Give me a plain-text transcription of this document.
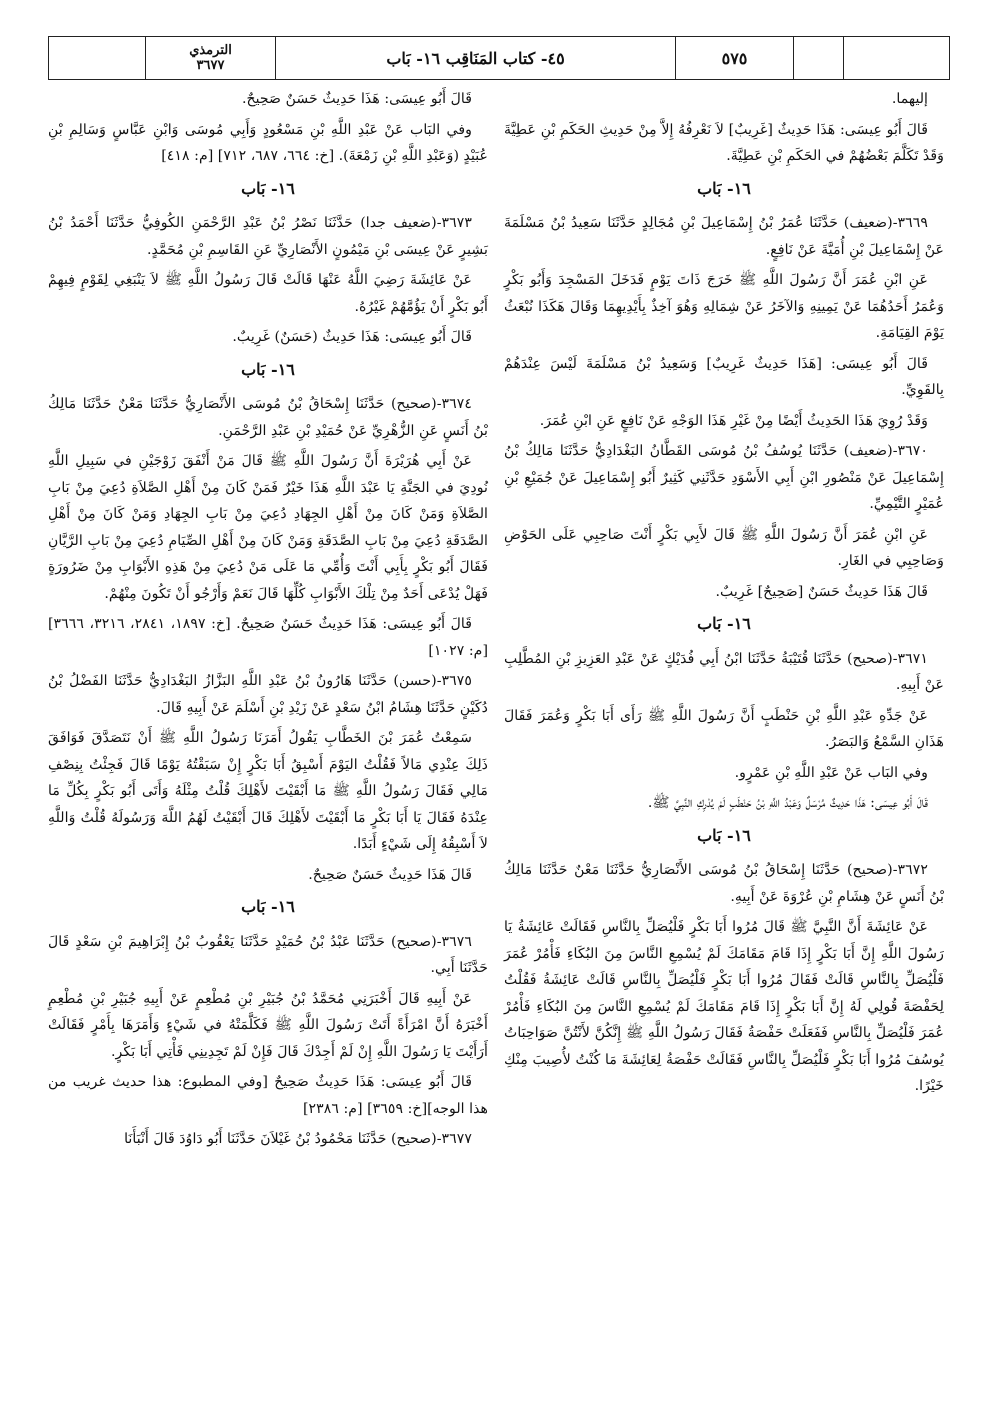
٥٧٥
٤٥- كتاب المَنَاقِب ١٦- بَاب
الترمذي
٣٦٧٧

إليهما.

قَالَ أَبُو عِيسَى: هَذَا حَدِيثٌ [غَرِيبٌ] لاَ نَعْرِفُهُ إِلاَّ مِنْ حَدِيثِ الحَكَمِ بْنِ عَطِيَّةَ وَقَدْ تَكَلَّمَ بَعْضُهُمْ في الحَكَمِ بْنِ عَطِيَّةَ.

١٦- بَاب

٣٦٦٩-(ضعيف) حَدَّثَنَا عُمَرُ بْنُ إِسْمَاعِيلَ بْنِ مُجَالِدٍ حَدَّثَنَا سَعِيدُ بْنُ مَسْلَمَةَ عَنْ إِسْمَاعِيلَ بْنِ أُمَيَّةَ عَنْ نَافِعٍ.

عَنِ ابْنِ عُمَرَ أَنَّ رَسُولَ اللَّهِ ﷺ خَرَجَ ذَاتَ يَوْمٍ فَدَخَلَ المَسْجِدَ وَأَبُو بَكْرٍ وَعُمَرُ أَحَدُهُمَا عَنْ يَمِينِهِ وَالآخَرُ عَنْ شِمَالِهِ وَهُوَ آخِذٌ بِأَيْدِيهِمَا وَقَالَ هَكَذَا نُبْعَثُ يَوْمَ القِيَامَةِ.

قَالَ أَبُو عِيسَى: [هَذَا حَدِيثٌ غَرِيبٌ] وَسَعِيدُ بْنُ مَسْلَمَةَ لَيْسَ عِنْدَهُمْ بِالقَوِيِّ.

وَقَدْ رُوِيَ هَذَا الحَدِيثُ أَيْضًا مِنْ غَيْرِ هَذَا الوَجْهِ عَنْ نَافِعٍ عَنِ ابْنِ عُمَرَ.

٣٦٧٠-(ضعيف) حَدَّثَنَا يُوسُفُ بْنُ مُوسَى القَطَّانُ البَغْدَادِيُّ حَدَّثَنَا مَالِكُ بْنُ إِسْمَاعِيلَ عَنْ مَنْصُورِ ابْنِ أَبِي الأَسْوَدِ حَدَّثَنِي كَثِيرٌ أَبُو إِسْمَاعِيلَ عَنْ جُمَيْعِ بْنِ عُمَيْرٍ التَّيْمِيِّ.

عَنِ ابْنِ عُمَرَ أَنَّ رَسُولَ اللَّهِ ﷺ قَالَ لأَبِي بَكْرٍ أَنْتَ صَاحِبِي عَلَى الحَوْضِ وَصَاحِبِي في الغَارِ.

قَالَ هَذَا حَدِيثٌ حَسَنٌ [صَحِيحٌ] غَرِيبٌ.

١٦- بَاب

٣٦٧١-(صحيح) حَدَّثَنَا قُتَيْبَةُ حَدَّثَنَا ابْنُ أَبِي فُدَيْكٍ عَنْ عَبْدِ العَزِيزِ بْنِ المُطَّلِبِ عَنْ أَبِيهِ.

عَنْ جَدِّهِ عَبْدِ اللَّهِ بْنِ حَنْطَبٍ أَنَّ رَسُولَ اللَّهِ ﷺ رَأَى أَبَا بَكْرٍ وَعُمَرَ فَقَالَ هَذَانِ السَّمْعُ وَالبَصَرُ.

وفي البَاب عَنْ عَبْدِ اللَّهِ بْنِ عَمْرٍو.

قَالَ أَبُو عِيسَى: هَذَا حَدِيثٌ مُرْسَلٌ وَعَبْدُ اللَّهِ بْنُ حَنْطَبٍ لَمْ يُدْرِكِ النَّبِيَّ ﷺ.

١٦- بَاب

٣٦٧٢-(صحيح) حَدَّثَنَا إِسْحَاقُ بْنُ مُوسَى الأَنْصَارِيُّ حَدَّثَنَا مَعْنٌ حَدَّثَنَا مَالِكُ بْنُ أَنَسٍ عَنْ هِشَامِ بْنِ عُرْوَةَ عَنْ أَبِيهِ.

عَنْ عَائِشَةَ أَنَّ النَّبِيَّ ﷺ قَالَ مُرُوا أَبَا بَكْرٍ فَلْيُصَلِّ بِالنَّاسِ فَقَالَتْ عَائِشَةُ يَا رَسُولَ اللَّهِ إِنَّ أَبَا بَكْرٍ إِذَا قَامَ مَقَامَكَ لَمْ يُسْمِعِ النَّاسَ مِنَ البُكَاءِ فَأْمُرْ عُمَرَ فَلْيُصَلِّ بِالنَّاسِ قَالَتْ فَقَالَ مُرُوا أَبَا بَكْرٍ فَلْيُصَلِّ بِالنَّاسِ قَالَتْ عَائِشَةُ فَقُلْتُ لِحَفْصَةَ قُولِي لَهُ إِنَّ أَبَا بَكْرٍ إِذَا قَامَ مَقَامَكَ لَمْ يُسْمِعِ النَّاسَ مِنَ البُكَاءِ فَأْمُرْ عُمَرَ فَلْيُصَلِّ بِالنَّاسِ فَفَعَلَتْ حَفْصَةُ فَقَالَ رَسُولُ اللَّهِ ﷺ إِنَّكُنَّ لأَنْتُنَّ صَوَاحِبَاتُ يُوسُفَ مُرُوا أَبَا بَكْرٍ فَلْيُصَلِّ بِالنَّاسِ فَقَالَتْ حَفْصَةُ لِعَائِشَةَ مَا كُنْتُ لأُصِيبَ مِنْكِ خَيْرًا.

قَالَ أَبُو عِيسَى: هَذَا حَدِيثٌ حَسَنٌ صَحِيحٌ.

وفي البَاب عَنْ عَبْدِ اللَّهِ بْنِ مَسْعُودٍ وَأَبِي مُوسَى وَابْنِ عَبَّاسٍ وَسَالِمِ بْنِ عُبَيْدٍ (وَعَبْدِ اللَّهِ بْنِ زَمْعَةَ). [خ: ٦٦٤، ٦٨٧، ٧١٢] [م: ٤١٨]

١٦- بَاب

٣٦٧٣-(ضعيف جدا) حَدَّثَنَا نَصْرُ بْنُ عَبْدِ الرَّحْمَنِ الكُوفِيُّ حَدَّثَنَا أَحْمَدُ بْنُ بَشِيرٍ عَنْ عِيسَى بْنِ مَيْمُونٍ الأَنْصَارِيِّ عَنِ القَاسِمِ بْنِ مُحَمَّدٍ.

عَنْ عَائِشَةَ رَضِيَ اللَّهُ عَنْهَا قَالَتْ قَالَ رَسُولُ اللَّهِ ﷺ لاَ يَنْبَغِي لِقَوْمٍ فِيهِمْ أَبُو بَكْرٍ أَنْ يَؤُمَّهُمْ غَيْرُهُ.

قَالَ أَبُو عِيسَى: هَذَا حَدِيثٌ (حَسَنٌ) غَرِيبٌ.

١٦- بَاب

٣٦٧٤-(صحيح) حَدَّثَنَا إِسْحَاقُ بْنُ مُوسَى الأَنْصَارِيُّ حَدَّثَنَا مَعْنٌ حَدَّثَنَا مَالِكُ بْنُ أَنَسٍ عَنِ الزُّهْرِيِّ عَنْ حُمَيْدِ بْنِ عَبْدِ الرَّحْمَنِ.

عَنْ أَبِي هُرَيْرَةَ أَنَّ رَسُولَ اللَّهِ ﷺ قَالَ مَنْ أَنْفَقَ زَوْجَيْنِ في سَبِيلِ اللَّهِ نُودِيَ في الجَنَّةِ يَا عَبْدَ اللَّهِ هَذَا خَيْرٌ فَمَنْ كَانَ مِنْ أَهْلِ الصَّلاَةِ دُعِيَ مِنْ بَابِ الصَّلاَةِ وَمَنْ كَانَ مِنْ أَهْلِ الجِهَادِ دُعِيَ مِنْ بَابِ الجِهَادِ وَمَنْ كَانَ مِنْ أَهْلِ الصَّدَقَةِ دُعِيَ مِنْ بَابِ الصَّدَقَةِ وَمَنْ كَانَ مِنْ أَهْلِ الصِّيَامِ دُعِيَ مِنْ بَابِ الرَّيَّانِ فَقَالَ أَبُو بَكْرٍ بِأَبِي أَنْتَ وَأُمِّي مَا عَلَى مَنْ دُعِيَ مِنْ هَذِهِ الأَبْوَابِ مِنْ ضَرُورَةٍ فَهَلْ يُدْعَى أَحَدٌ مِنْ تِلْكَ الأَبْوَابِ كُلِّهَا قَالَ نَعَمْ وَأَرْجُو أَنْ تَكُونَ مِنْهُمْ.

قَالَ أَبُو عِيسَى: هَذَا حَدِيثٌ حَسَنٌ صَحِيحٌ. [خ: ١٨٩٧، ٢٨٤١، ٣٢١٦، ٣٦٦٦] [م: ١٠٢٧]

٣٦٧٥-(حسن) حَدَّثَنَا هَارُونُ بْنُ عَبْدِ اللَّهِ البَزَّازُ البَغْدَادِيُّ حَدَّثَنَا الفَضْلُ بْنُ دُكَيْنٍ حَدَّثَنَا هِشَامُ ابْنُ سَعْدٍ عَنْ زَيْدِ بْنِ أَسْلَمَ عَنْ أَبِيهِ قَالَ.

سَمِعْتُ عُمَرَ بْنَ الخَطَّابِ يَقُولُ أَمَرَنَا رَسُولُ اللَّهِ ﷺ أَنْ نَتَصَدَّقَ فَوَافَقَ ذَلِكَ عِنْدِي مَالاً فَقُلْتُ اليَوْمَ أَسْبِقُ أَبَا بَكْرٍ إِنْ سَبَقْتُهُ يَوْمًا قَالَ فَجِئْتُ بِنِصْفِ مَالِي فَقَالَ رَسُولُ اللَّهِ ﷺ مَا أَبْقَيْتَ لأَهْلِكَ قُلْتُ مِثْلَهُ وَأَتَى أَبُو بَكْرٍ بِكُلِّ مَا عِنْدَهُ فَقَالَ يَا أَبَا بَكْرٍ مَا أَبْقَيْتَ لأَهْلِكَ قَالَ أَبْقَيْتُ لَهُمُ اللَّهَ وَرَسُولَهُ قُلْتُ وَاللَّهِ لاَ أَسْبِقُهُ إِلَى شَيْءٍ أَبَدًا.

قَالَ هَذَا حَدِيثٌ حَسَنٌ صَحِيحٌ.

١٦- بَاب

٣٦٧٦-(صحيح) حَدَّثَنَا عَبْدُ بْنُ حُمَيْدٍ حَدَّثَنَا يَعْقُوبُ بْنُ إِبْرَاهِيمَ بْنِ سَعْدٍ قَالَ حَدَّثَنَا أَبِي.

عَنْ أَبِيهِ قَالَ أَخْبَرَنِي مُحَمَّدُ بْنُ جُبَيْرِ بْنِ مُطْعِمٍ عَنْ أَبِيهِ جُبَيْرِ بْنِ مُطْعِمٍ أَخْبَرَهُ أَنَّ امْرَأَةً أَتَتْ رَسُولَ اللَّهِ ﷺ فَكَلَّمَتْهُ في شَيْءٍ وَأَمَرَهَا بِأَمْرٍ فَقَالَتْ أَرَأَيْتَ يَا رَسُولَ اللَّهِ إِنْ لَمْ أَجِدْكَ قَالَ فَإِنْ لَمْ تَجِدِينِي فَأْتِي أَبَا بَكْرٍ.

قَالَ أَبُو عِيسَى: هَذَا حَدِيثٌ صَحِيحٌ [وفي المطبوع: هذا حديث غريب من هذا الوجه][خ: ٣٦٥٩] [م: ٢٣٨٦]

٣٦٧٧-(صحيح) حَدَّثَنَا مَحْمُودُ بْنُ غَيْلاَنَ حَدَّثَنَا أَبُو دَاوُدَ قَالَ أَنْبَأَنَا
